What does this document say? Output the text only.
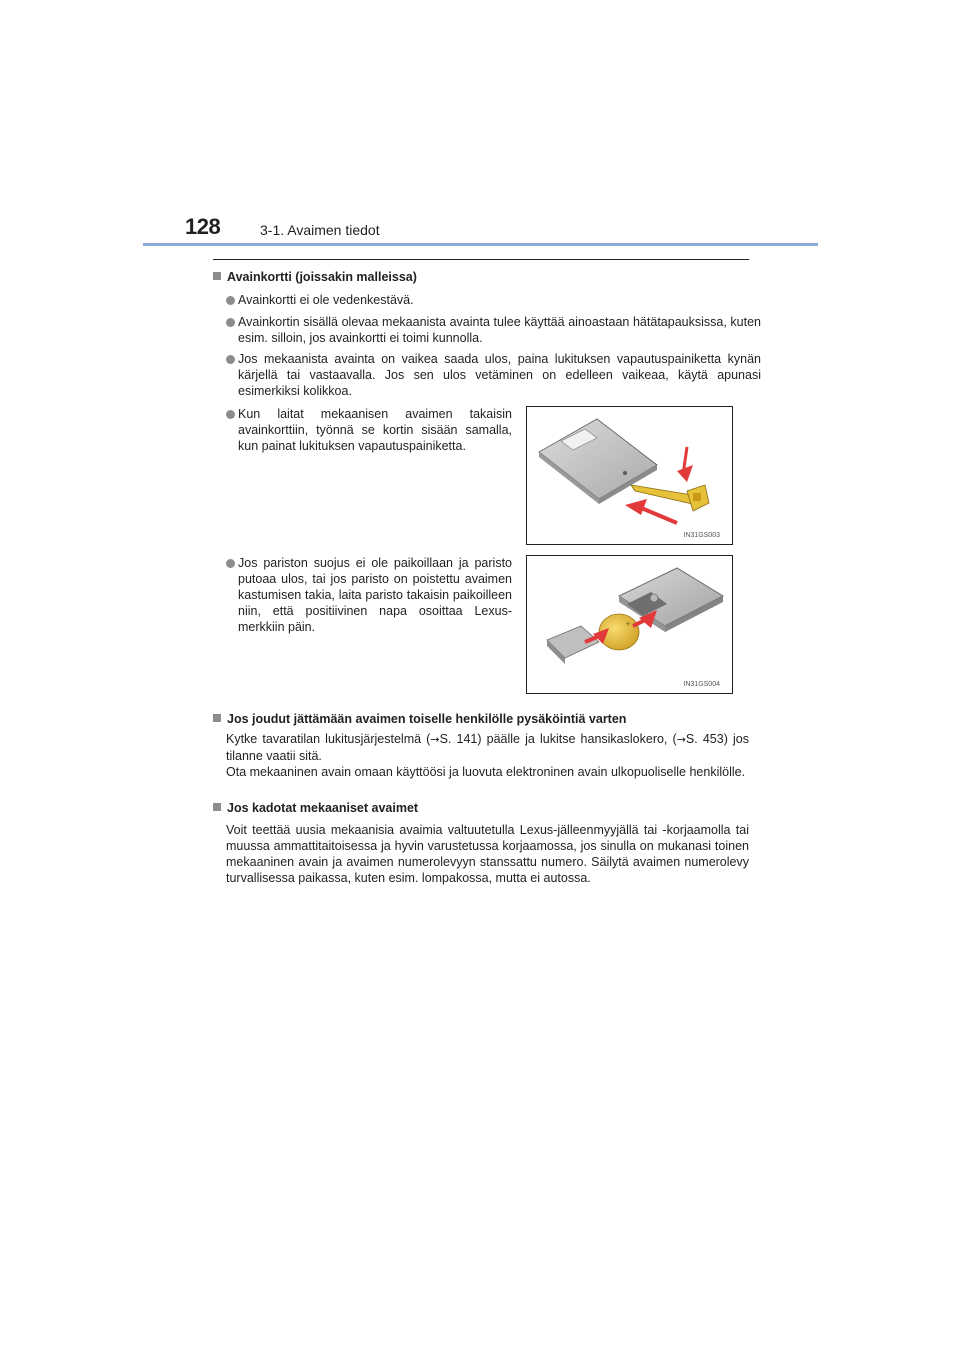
128	3-1. Avaimen tiedot
Avainkortti (joissakin malleissa)
Avainkortti ei ole vedenkestävä.
Avainkortin sisällä olevaa mekaanista avainta tulee käyttää ainoastaan hätätapauksissa, kuten esim. silloin, jos avainkortti ei toimi kunnolla.
Jos mekaanista avainta on vaikea saada ulos, paina lukituksen vapautuspainiketta kynän kärjellä tai vastaavalla. Jos sen ulos vetäminen on edelleen vaikeaa, käytä apunasi esimerkiksi kolikkoa.
Kun laitat mekaanisen avaimen takaisin avainkorttiin, työnnä se kortin sisään samalla, kun painat lukituksen vapautuspainiketta.
Jos pariston suojus ei ole paikoillaan ja paristo putoaa ulos, tai jos paristo on poistettu avaimen kastumisen takia, laita paristo takaisin paikoilleen niin, että positiivinen napa osoittaa Lexus-merkkiin päin.
IN31GS003
+
IN31GS004
Jos joudut jättämään avaimen toiselle henkilölle pysäköintiä varten
Kytke tavaratilan lukitusjärjestelmä (→S. 141) päälle ja lukitse hansikaslokero, (→S. 453) jos tilanne vaatii sitä.
Ota mekaaninen avain omaan käyttöösi ja luovuta elektroninen avain ulkopuoliselle henkilölle.
Jos kadotat mekaaniset avaimet
Voit teettää uusia mekaanisia avaimia valtuutetulla Lexus-jälleenmyyjällä tai -korjaamolla tai muussa ammattitaitoisessa ja hyvin varustetussa korjaamossa, jos sinulla on mukanasi toinen mekaaninen avain ja avaimen numerolevyyn stanssattu numero. Säilytä avaimen numerolevy turvallisessa paikassa, kuten esim. lompakossa, mutta ei autossa.
